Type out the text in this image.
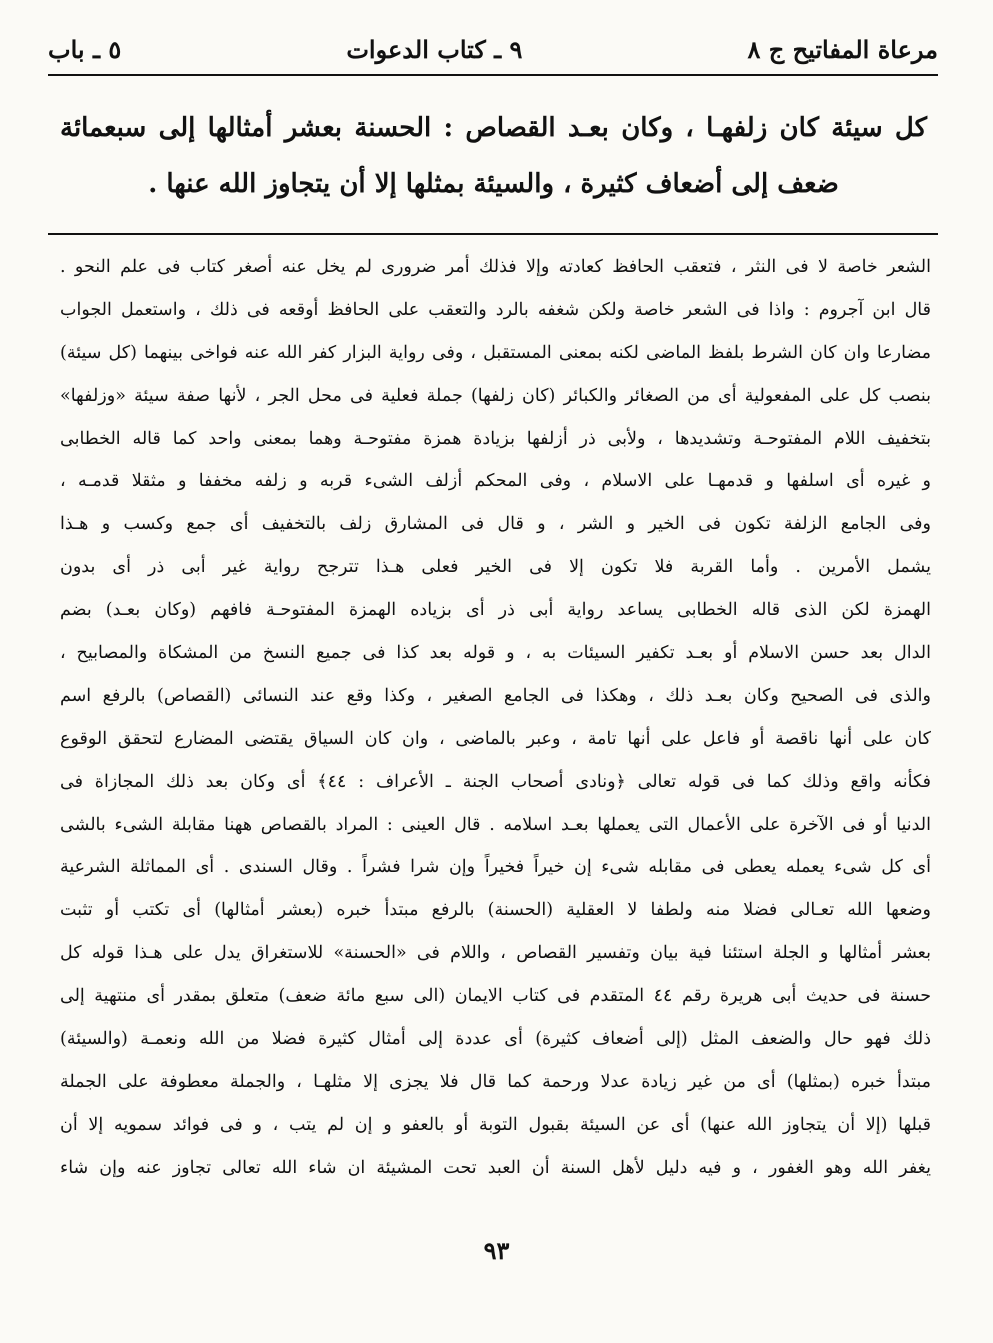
مرعاة المفاتيح ج ٨
٩ ـ كتاب الدعوات
٥ ـ باب
كل سيئة كان زلفهـا ، وكان بعـد القصاص : الحسنة بعشر أمثالها إلى سبعمائة ضعف إلى أضعاف كثيرة ، والسيئة بمثلها إلا أن يتجاوز الله عنها .
الشعر خاصة لا فى النثر ، فتعقب الحافظ كعادته وإلا فذلك أمر ضرورى لم يخل عنه أصغر كتاب فى علم النحو .
قال ابن آجروم : واذا فى الشعر خاصة ولكن شغفه بالرد والتعقب على الحافظ أوقعه فى ذلك ، واستعمل الجواب
مضارعا وان كان الشرط بلفظ الماضى لكنه بمعنى المستقبل ، وفى رواية البزار كفر الله عنه فواخى بينهما (كل سيئة)
بنصب كل على المفعولية أى من الصغائر والكبائر (كان زلفها) جملة فعلية فى محل الجر ، لأنها صفة سيئة «وزلفها»
بتخفيف اللام المفتوحـة وتشديدها ، ولأبى ذر أزلفها بزيادة همزة مفتوحـة وهما بمعنى واحد كما قاله الخطابى
و غيره أى اسلفها و قدمهـا على الاسلام ، وفى المحكم أزلف الشىء قربه و زلفه مخففا و مثقلا قدمـه ،
وفى الجامع الزلفة تكون فى الخير و الشر ، و قال فى المشارق زلف بالتخفيف أى جمع وكسب و هـذا
يشمل الأمرين . وأما القربة فلا تكون إلا فى الخير فعلى هـذا تترجح رواية غير أبى ذر أى بدون
الهمزة لكن الذى قاله الخطابى يساعد رواية أبى ذر أى بزياده الهمزة المفتوحـة فافهم (وكان بعـد) بضم
الدال بعد حسن الاسلام أو بعـد تكفير السيئات به ، و قوله بعد كذا فى جميع النسخ من المشكاة والمصابيح ،
والذى فى الصحيح وكان بعـد ذلك ، وهكذا فى الجامع الصغير ، وكذا وقع عند النسائى (القصاص) بالرفع اسم
كان على أنها ناقصة أو فاعل على أنها تامة ، وعبر بالماضى ، وان كان السياق يقتضى المضارع لتحقق الوقوع
فكأنه واقع وذلك كما فى قوله تعالى ﴿ونادى أصحاب الجنة ـ الأعراف : ٤٤﴾ أى وكان بعد ذلك المجازاة فى
الدنيا أو فى الآخرة على الأعمال التى يعملها بعـد اسلامه . قال العينى : المراد بالقصاص ههنا مقابلة الشىء بالشى
أى كل شىء يعمله يعطى فى مقابله شىء إن خيراً فخيراً وإن شرا فشراً . وقال السندى . أى المماثلة الشرعية
وضعها الله تعـالى فضلا منه ولطفا لا العقلية (الحسنة) بالرفع مبتدأ خبره (بعشر أمثالها) أى تكتب أو تثبت
بعشر أمثالها و الجلة استئنا فية بيان وتفسير القصاص ، واللام فى «الحسنة» للاستغراق يدل على هـذا قوله كل
حسنة فى حديث أبى هريرة رقم ٤٤ المتقدم فى كتاب الايمان (الى سبع مائة ضعف) متعلق بمقدر أى منتهية إلى
ذلك فهو حال والضعف المثل (إلى أضعاف كثيرة) أى عددة إلى أمثال كثيرة فضلا من الله ونعمـة (والسيئة)
مبتدأ خبره (بمثلها) أى من غير زيادة عدلا ورحمة كما قال فلا يجزى إلا مثلهـا ، والجملة معطوفة على الجملة
قبلها (إلا أن يتجاوز الله عنها) أى عن السيئة بقبول التوبة أو بالعفو و إن لم يتب ، و فى فوائد سمويه إلا أن
يغفر الله وهو الغفور ، و فيه دليل لأهل السنة أن العبد تحت المشيئة ان شاء الله تعالى تجاوز عنه وإن شاء
٩٣
